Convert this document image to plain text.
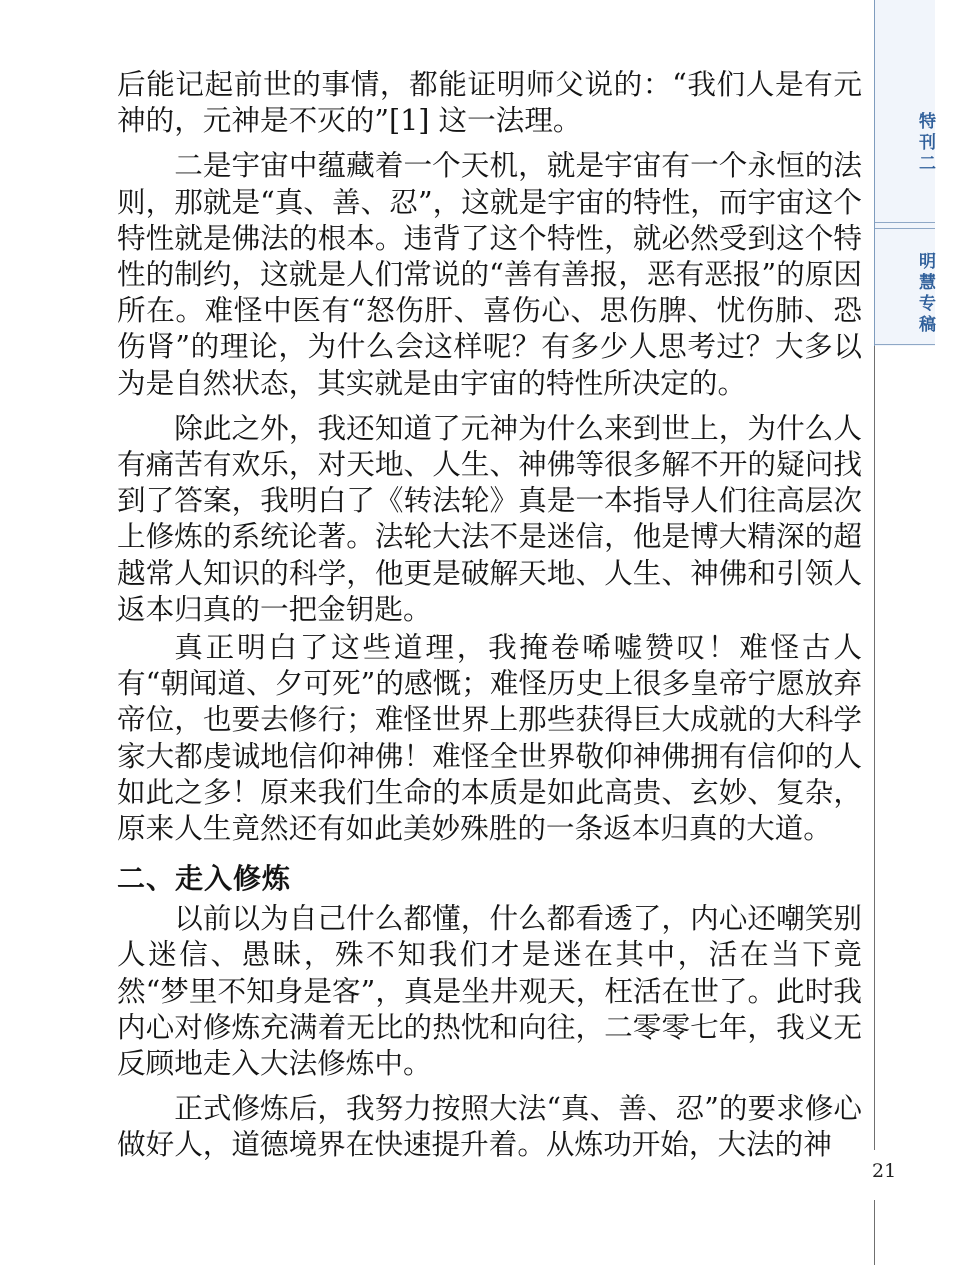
后能记起前世的事情，都能证明师父说的：“我们人是有元神的，元神是不灭的”[1] 这一法理。

二是宇宙中蕴藏着一个天机，就是宇宙有一个永恒的法则，那就是“真、善、忍”，这就是宇宙的特性，而宇宙这个特性就是佛法的根本。违背了这个特性，就必然受到这个特性的制约，这就是人们常说的“善有善报，恶有恶报”的原因所在。难怪中医有“怒伤肝、喜伤心、思伤脾、忧伤肺、恐伤肾”的理论，为什么会这样呢？有多少人思考过？大多以为是自然状态，其实就是由宇宙的特性所决定的。

除此之外，我还知道了元神为什么来到世上，为什么人有痛苦有欢乐，对天地、人生、神佛等很多解不开的疑问找到了答案，我明白了《转法轮》真是一本指导人们往高层次上修炼的系统论著。法轮大法不是迷信，他是博大精深的超越常人知识的科学，他更是破解天地、人生、神佛和引领人返本归真的一把金钥匙。

真正明白了这些道理，我掩卷唏嘘赞叹！难怪古人有“朝闻道、夕可死”的感慨；难怪历史上很多皇帝宁愿放弃帝位，也要去修行；难怪世界上那些获得巨大成就的大科学家大都虔诚地信仰神佛！难怪全世界敬仰神佛拥有信仰的人如此之多！原来我们生命的本质是如此高贵、玄妙、复杂，原来人生竟然还有如此美妙殊胜的一条返本归真的大道。

二、走入修炼

以前以为自己什么都懂，什么都看透了，内心还嘲笑别人迷信、愚昧，殊不知我们才是迷在其中，活在当下竟然“梦里不知身是客”，真是坐井观天，枉活在世了。此时我内心对修炼充满着无比的热忱和向往，二零零七年，我义无反顾地走入大法修炼中。

正式修炼后，我努力按照大法“真、善、忍”的要求修心做好人，道德境界在快速提升着。从炼功开始，大法的神

特刊二
明慧专稿
21
